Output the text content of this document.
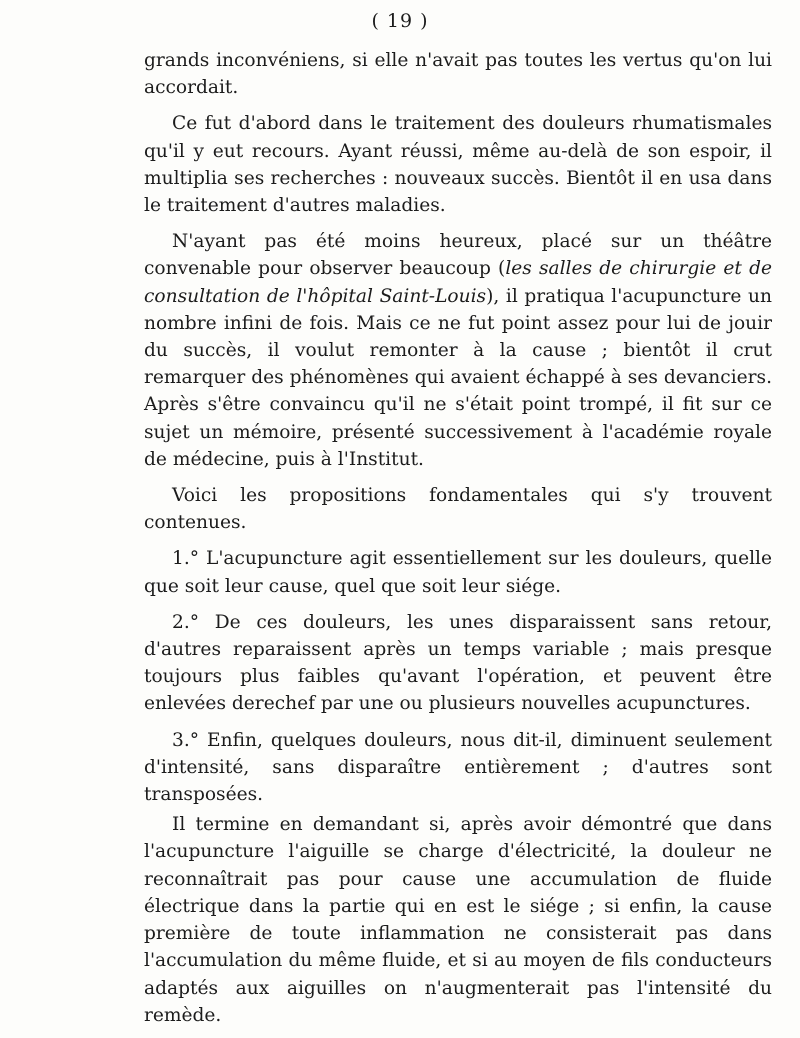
( 19 )

grands inconvéniens, si elle n'avait pas toutes les vertus qu'on lui accordait.

Ce fut d'abord dans le traitement des douleurs rhumatismales qu'il y eut recours. Ayant réussi, même au-delà de son espoir, il multiplia ses recherches : nouveaux succès. Bientôt il en usa dans le traitement d'autres maladies.

N'ayant pas été moins heureux, placé sur un théâtre convenable pour observer beaucoup (les salles de chirurgie et de consultation de l'hôpital Saint-Louis), il pratiqua l'acupuncture un nombre infini de fois. Mais ce ne fut point assez pour lui de jouir du succès, il voulut remonter à la cause ; bientôt il crut remarquer des phénomènes qui avaient échappé à ses devanciers. Après s'être convaincu qu'il ne s'était point trompé, il fit sur ce sujet un mémoire, présenté successivement à l'académie royale de médecine, puis à l'Institut.

Voici les propositions fondamentales qui s'y trouvent contenues.

1.° L'acupuncture agit essentiellement sur les douleurs, quelle que soit leur cause, quel que soit leur siége.

2.° De ces douleurs, les unes disparaissent sans retour, d'autres reparaissent après un temps variable ; mais presque toujours plus faibles qu'avant l'opération, et peuvent être enlevées derechef par une ou plusieurs nouvelles acupunctures.

3.° Enfin, quelques douleurs, nous dit-il, diminuent seulement d'intensité, sans disparaître entièrement ; d'autres sont transposées.

Il termine en demandant si, après avoir démontré que dans l'acupuncture l'aiguille se charge d'électricité, la douleur ne reconnaîtrait pas pour cause une accumulation de fluide électrique dans la partie qui en est le siége ; si enfin, la cause première de toute inflammation ne consisterait pas dans l'accumulation du même fluide, et si au moyen de fils conducteurs adaptés aux aiguilles on n'augmenterait pas l'intensité du remède.
